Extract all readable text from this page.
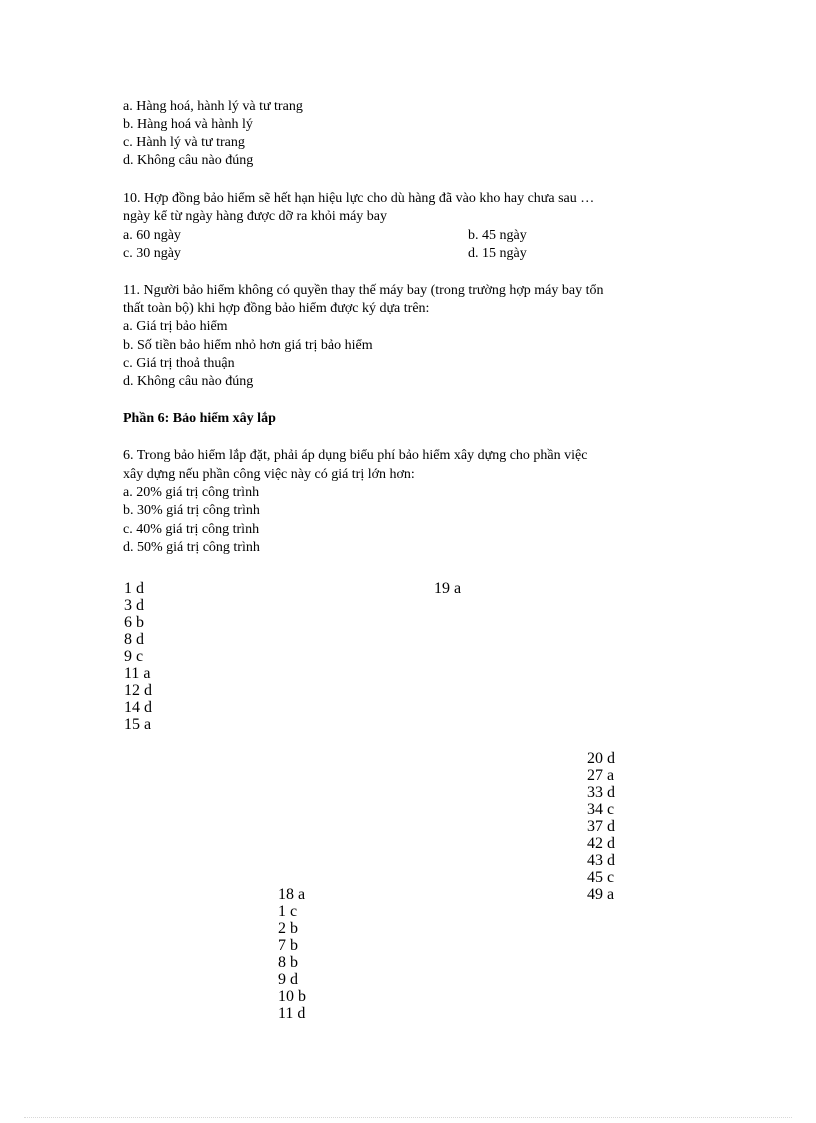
a. Hàng hoá, hành lý và tư trang
b. Hàng hoá và hành lý
c. Hành lý và tư trang
d. Không câu nào đúng
10. Hợp đồng bảo hiểm sẽ hết hạn hiệu lực cho dù hàng đã vào kho hay chưa sau …
ngày kể từ ngày hàng được dỡ ra khỏi máy bay
a. 60 ngày	b. 45 ngày
c. 30 ngày	d. 15 ngày
11. Người bảo hiểm không có quyền thay thế máy bay (trong trường hợp máy bay tổn
thất toàn bộ) khi hợp đồng bảo hiểm được ký dựa trên:
a. Giá trị bảo hiểm
b. Số tiền bảo hiểm nhỏ hơn giá trị bảo hiểm
c. Giá trị thoả thuận
d. Không câu nào đúng
Phần 6: Bảo hiểm xây lắp
6. Trong bảo hiểm lắp đặt, phải áp dụng biểu phí bảo hiểm xây dựng cho phần việc
xây dựng nếu phần công việc này có giá trị lớn hơn:
a. 20% giá trị công trình
b. 30% giá trị công trình
c. 40% giá trị công trình
d. 50% giá trị công trình
1 d
3 d
6 b
8 d
9 c
11 a
12 d
14 d
15 a
19 a
20 d
27 a
33 d
34 c
37 d
42 d
43 d
45 c
49 a
18 a
1 c
2 b
7 b
8 b
9 d
10 b
11 d
